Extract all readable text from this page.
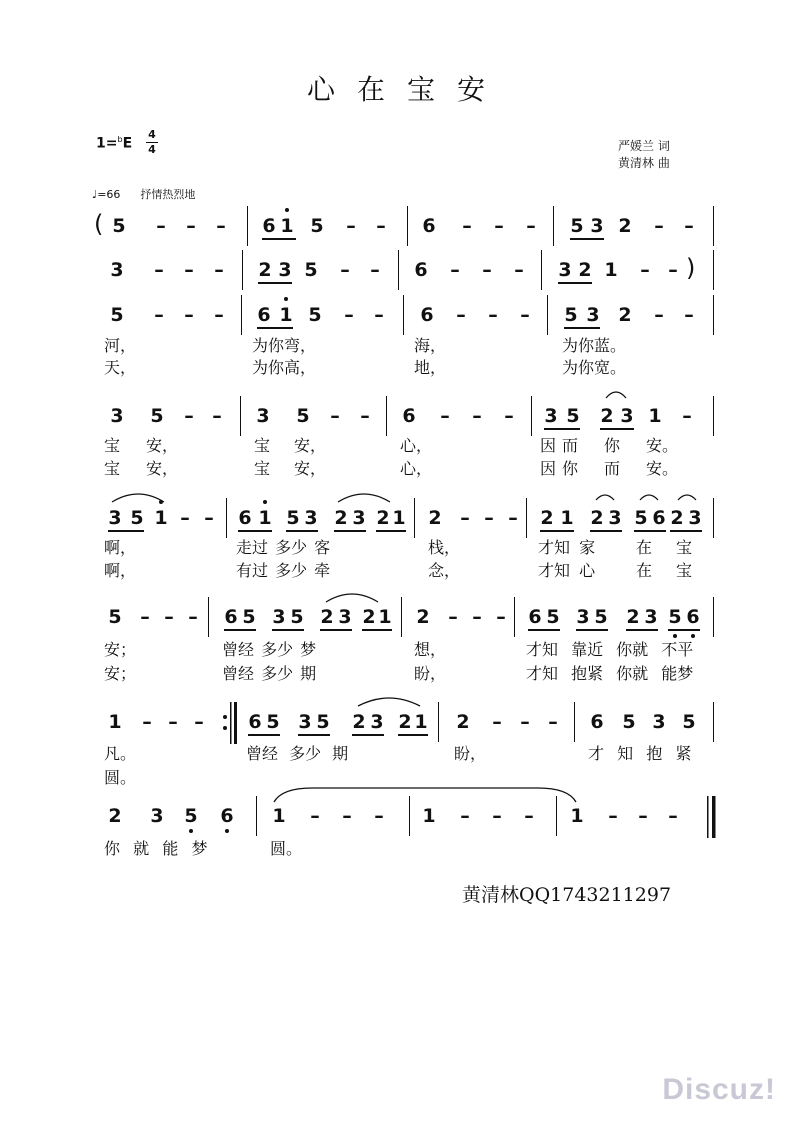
心在宝安
1=$^b$E
4
4	严媛兰 词
黄清林 曲
♩=66 抒情热烈地
( 5 – – – 6 1 5 – – 6 – – – 5 3 2 – –
3 – – – 2 3 5 – – 6 – – – 3 2 1 – – )
5 – – – 6 1 5 – – 6 – – – 5 3 2 – –
河，	为你弯，	海，	为你蓝。
天，	为你高，	地，	为你宽。
3 5 – – 3 5 – – 6 – – – 3 5 2 3 1 –
宝 安，	宝 安，	心，	因而 你 安。
宝 安，	宝 安，	心，	因你 而 安。
3 5 1 – – 6 1 5 3 2 3 2 1 2 – – – 2 1 2 3 5 6 2 3
啊，	走过 多少 客	栈，	才知 家	在 宝
啊，	有过 多少 牵	念，	才知 心	在 宝
5 – – – 6 5 3 5 2 3 2 1 2 – – – 6 5 3 5 2 3 5 6
安；	曾经 多少 梦	想，	才知 靠近 你就 不平
安；	曾经 多少 期	盼，	才知 抱紧 你就 能梦
1 – – – 6 5 3 5 2 3 2 1 2 – – – 6 5 3 5
凡。	曾经 多少 期	盼，	才  知  抱  紧
圆。
2 3 5 6 1 – – – 1 – – – 1 – – –
你  就  能  梦	圆。
黄清林QQ1743211297
Discuz!
